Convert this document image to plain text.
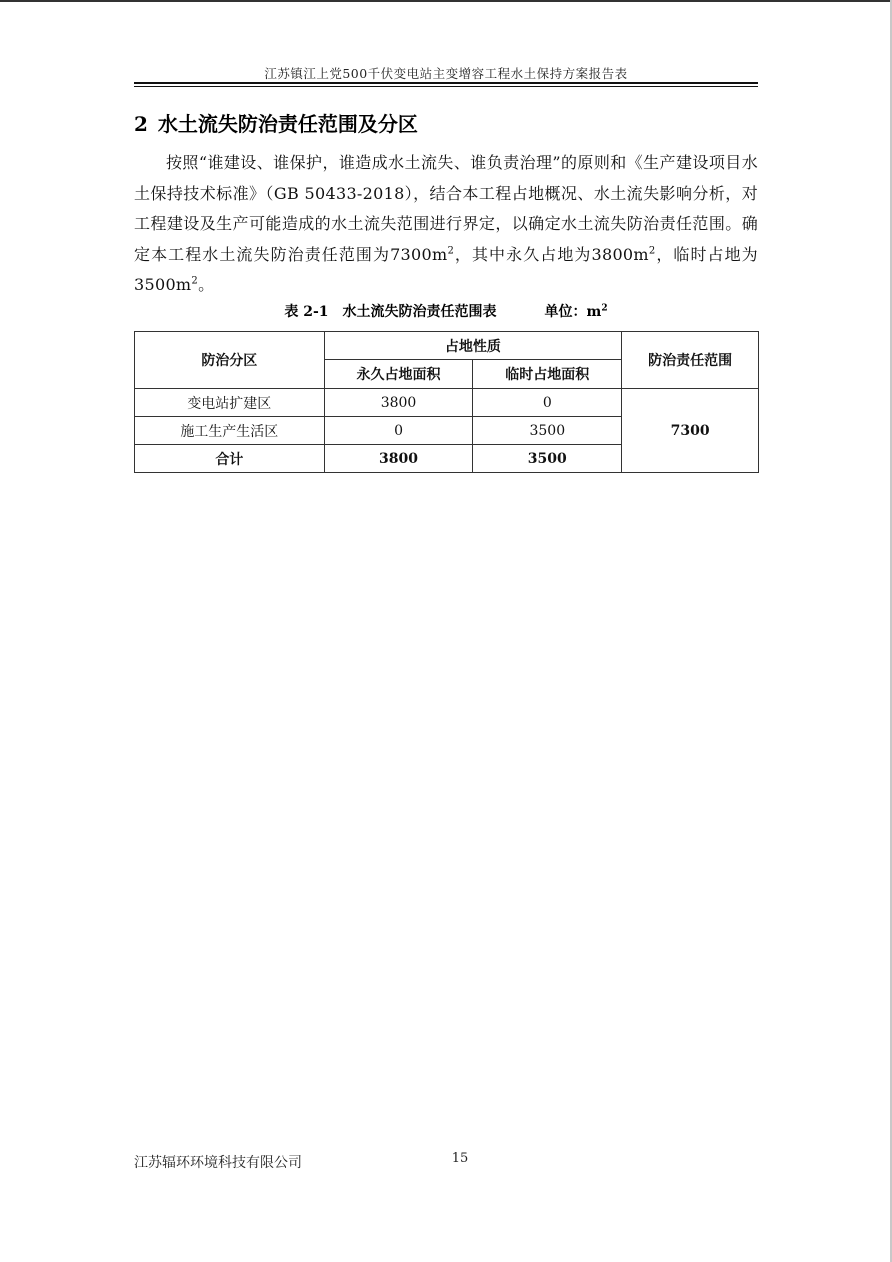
江苏镇江上党500千伏变电站主变增容工程水土保持方案报告表
2 水土流失防治责任范围及分区
按照“谁建设、谁保护，谁造成水土流失、谁负责治理”的原则和《生产建设项目水土保持技术标准》（GB 50433-2018），结合本工程占地概况、水土流失影响分析，对工程建设及生产可能造成的水土流失范围进行界定，以确定水土流失防治责任范围。确定本工程水土流失防治责任范围为$7300m^2$，其中永久占地为$3800m^2$，临时占地为$3500m^2$。
表 2-1 水土流失防治责任范围表	单位：$m^2$
防治分区	占地性质		防治责任范围
	永久占地面积	临时占地面积	
变电站扩建区	3800	0	7300
施工生产生活区	0	3500	
合计	3800	3500	
江苏辐环环境科技有限公司	15
